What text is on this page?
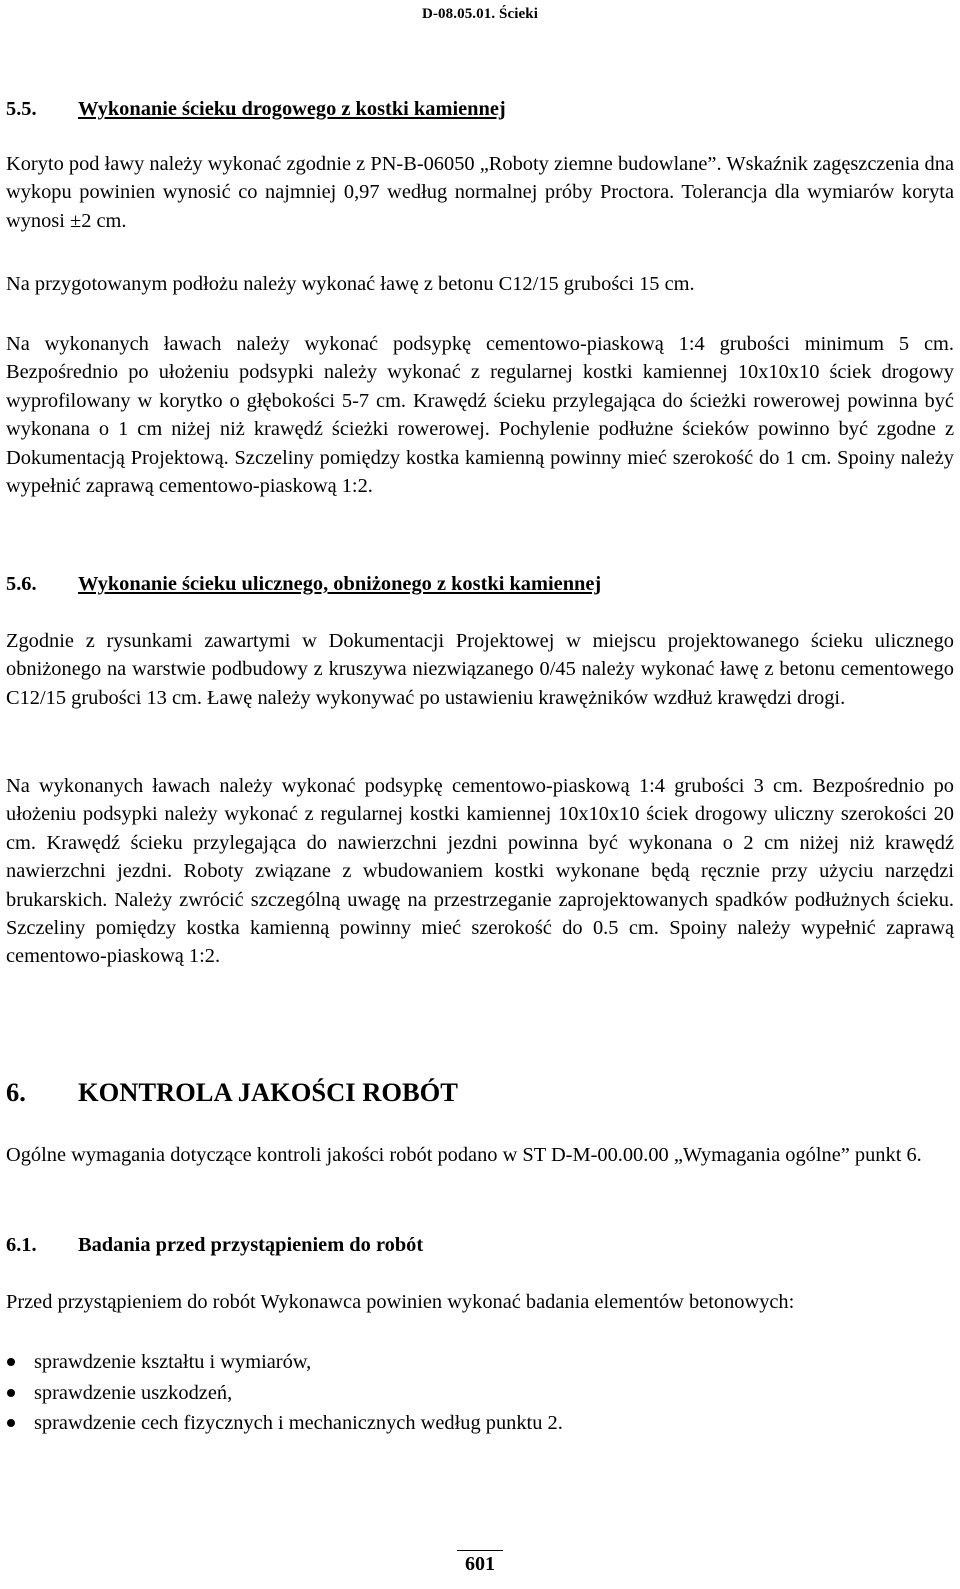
D-08.05.01. Ścieki
5.5. Wykonanie ścieku drogowego z kostki kamiennej

Koryto pod ławy należy wykonać zgodnie z PN-B-06050 „Roboty ziemne budowlane”. Wskaźnik zagęszczenia dna wykopu powinien wynosić co najmniej 0,97 według normalnej próby Proctora. Tolerancja dla wymiarów koryta wynosi ±2 cm.

Na przygotowanym podłożu należy wykonać ławę z betonu C12/15 grubości 15 cm.

Na wykonanych ławach należy wykonać podsypkę cementowo-piaskową 1:4 grubości minimum 5 cm. Bezpośrednio po ułożeniu podsypki należy wykonać z regularnej kostki kamiennej 10x10x10 ściek drogowy wyprofilowany w korytko o głębokości 5-7 cm. Krawędź ścieku przylegająca do ścieżki rowerowej powinna być wykonana o 1 cm niżej niż krawędź ścieżki rowerowej. Pochylenie podłużne ścieków powinno być zgodne z Dokumentacją Projektową. Szczeliny pomiędzy kostka kamienną powinny mieć szerokość do 1 cm. Spoiny należy wypełnić zaprawą cementowo-piaskową 1:2.

5.6. Wykonanie ścieku ulicznego, obniżonego z kostki kamiennej

Zgodnie z rysunkami zawartymi w Dokumentacji Projektowej w miejscu projektowanego ścieku ulicznego obniżonego na warstwie podbudowy z kruszywa niezwiązanego 0/45 należy wykonać ławę z betonu cementowego C12/15 grubości 13 cm. Ławę należy wykonywać po ustawieniu krawężników wzdłuż krawędzi drogi.

Na wykonanych ławach należy wykonać podsypkę cementowo-piaskową 1:4 grubości 3 cm. Bezpośrednio po ułożeniu podsypki należy wykonać z regularnej kostki kamiennej 10x10x10 ściek drogowy uliczny szerokości 20 cm. Krawędź ścieku przylegająca do nawierzchni jezdni powinna być wykonana o 2 cm niżej niż krawędź nawierzchni jezdni. Roboty związane z wbudowaniem kostki wykonane będą ręcznie przy użyciu narzędzi brukarskich. Należy zwrócić szczególną uwagę na przestrzeganie zaprojektowanych spadków podłużnych ścieku. Szczeliny pomiędzy kostka kamienną powinny mieć szerokość do 0.5 cm. Spoiny należy wypełnić zaprawą cementowo-piaskową 1:2.

6. KONTROLA JAKOŚCI ROBÓT

Ogólne wymagania dotyczące kontroli jakości robót podano w ST D-M-00.00.00 „Wymagania ogólne” punkt 6.

6.1. Badania przed przystąpieniem do robót

Przed przystąpieniem do robót Wykonawca powinien wykonać badania elementów betonowych:

sprawdzenie kształtu i wymiarów,
sprawdzenie uszkodzeń,
sprawdzenie cech fizycznych i mechanicznych według punktu 2.
601
